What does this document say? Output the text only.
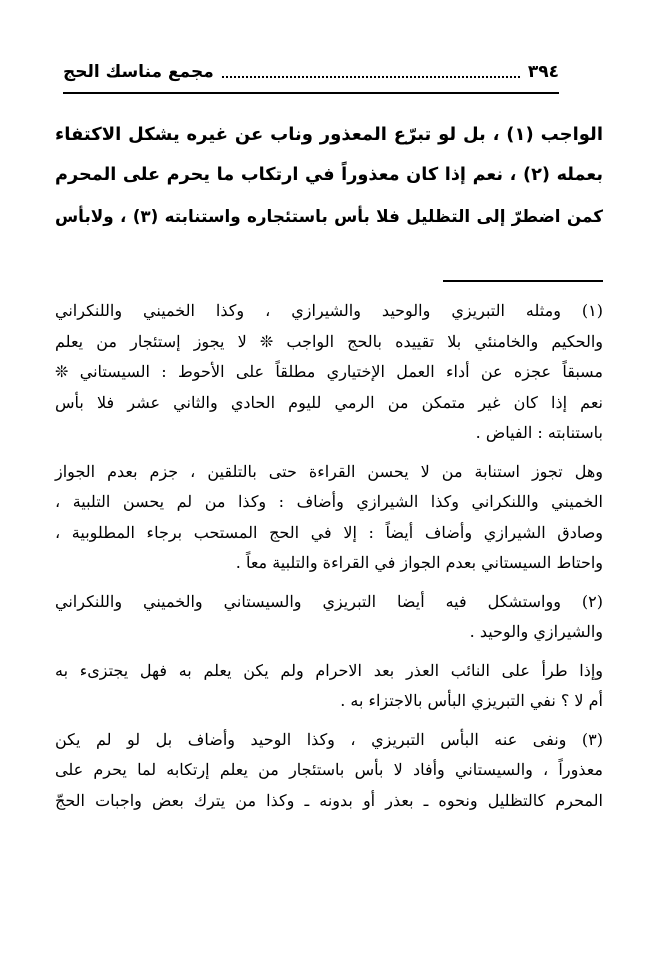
٣٩٤
مجمع مناسك الحج
الواجب (١) ، بل لو تبرّع المعذور وناب عن غيره يشكل الاكتفاء
بعمله (٢) ، نعم إذا كان معذوراً في ارتكاب ما يحرم على المحرم
كمن اضطرّ إلى التظليل فلا بأس باستئجاره واستنابته (٣) ، ولابأس
(١) ومثله التبريزي والوحيد والشيرازي ، وكذا الخميني واللنكراني
والحكيم والخامنئي بلا تقييده بالحج الواجب ❊ لا يجوز إستئجار من يعلم
مسبقاً عجزه عن أداء العمل الإختياري مطلقاً على الأحوط : السيستاني ❊
نعم إذا كان غير متمكن من الرمي لليوم الحادي والثاني عشر فلا بأس
باستنابته : الفياض .
وهل تجوز استنابة من لا يحسن القراءة حتى بالتلقين ، جزم بعدم الجواز
الخميني واللنكراني وكذا الشيرازي وأضاف : وكذا من لم يحسن التلبية ،
وصادق الشيرازي وأضاف أيضاً : إلا في الحج المستحب برجاء المطلوبية ،
واحتاط السيستاني بعدم الجواز في القراءة والتلبية معاً .
(٢) وواستشكل فيه أيضا التبريزي والسيستاني والخميني واللنكراني
والشيرازي والوحيد .
وإذا طرأ على النائب العذر بعد الاحرام ولم يكن يعلم به فهل يجتزىء به
أم لا ؟ نفي التبريزي البأس بالاجتزاء به .
(٣) ونفى عنه البأس التبريزي ، وكذا الوحيد وأضاف بل لو لم يكن
معذوراً ، والسيستاني وأفاد لا بأس باستئجار من يعلم إرتكابه لما يحرم على
المحرم كالتظليل ونحوه ـ بعذر أو بدونه ـ وكذا من يترك بعض واجبات الحجّ
